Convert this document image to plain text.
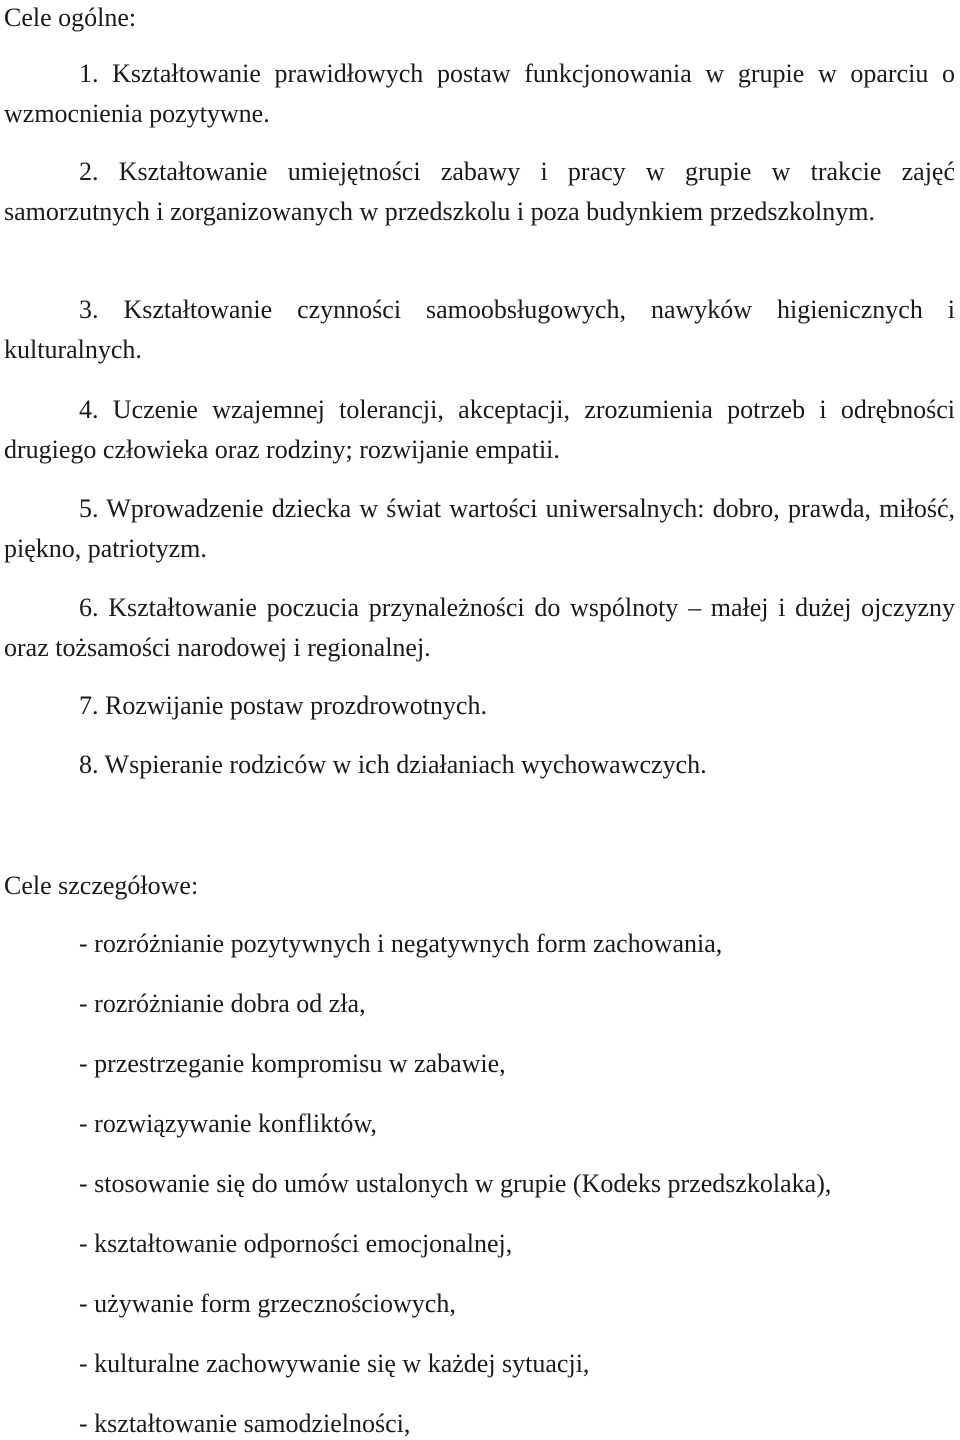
Cele ogólne:
1. Kształtowanie prawidłowych postaw funkcjonowania w grupie w oparciu o wzmocnienia pozytywne.
2. Kształtowanie umiejętności zabawy i pracy w grupie w trakcie zajęć samorzutnych i zorganizowanych w przedszkolu i poza budynkiem przedszkolnym.
3. Kształtowanie czynności samoobsługowych, nawyków higienicznych i kulturalnych.
4. Uczenie wzajemnej tolerancji, akceptacji, zrozumienia potrzeb i odrębności drugiego człowieka oraz rodziny; rozwijanie empatii.
5. Wprowadzenie dziecka w świat wartości uniwersalnych: dobro, prawda, miłość, piękno, patriotyzm.
6. Kształtowanie poczucia przynależności do wspólnoty – małej i dużej ojczyzny oraz tożsamości narodowej i regionalnej.
7. Rozwijanie postaw prozdrowotnych.
8. Wspieranie rodziców w ich działaniach wychowawczych.
Cele szczegółowe:
- rozróżnianie pozytywnych i negatywnych form zachowania,
- rozróżnianie dobra od zła,
- przestrzeganie kompromisu w zabawie,
- rozwiązywanie konfliktów,
- stosowanie się do umów ustalonych w grupie (Kodeks przedszkolaka),
- kształtowanie odporności emocjonalnej,
- używanie form grzecznościowych,
- kulturalne zachowywanie się w każdej sytuacji,
- kształtowanie samodzielności,
